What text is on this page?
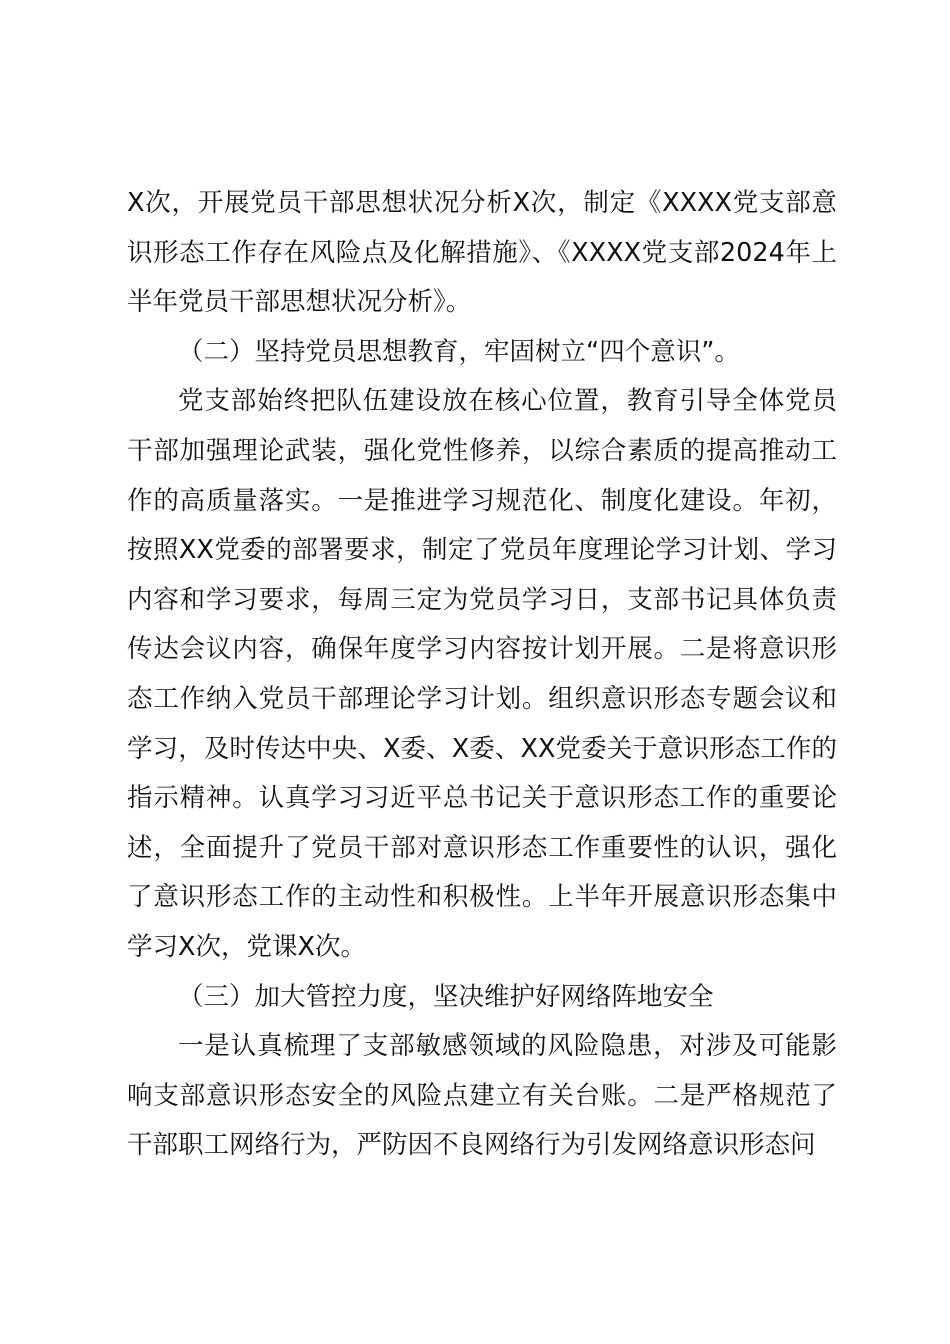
X次，开展党员干部思想状况分析X次，制定《XXXX党支部意识形态工作存在风险点及化解措施》、《XXXX党支部2024年上半年党员干部思想状况分析》。

（二）坚持党员思想教育，牢固树立“四个意识”。

党支部始终把队伍建设放在核心位置，教育引导全体党员干部加强理论武装，强化党性修养，以综合素质的提高推动工作的高质量落实。一是推进学习规范化、制度化建设。年初，按照XX党委的部署要求，制定了党员年度理论学习计划、学习内容和学习要求，每周三定为党员学习日，支部书记具体负责传达会议内容，确保年度学习内容按计划开展。二是将意识形态工作纳入党员干部理论学习计划。组织意识形态专题会议和学习，及时传达中央、X委、X委、XX党委关于意识形态工作的指示精神。认真学习习近平总书记关于意识形态工作的重要论述，全面提升了党员干部对意识形态工作重要性的认识，强化了意识形态工作的主动性和积极性。上半年开展意识形态集中学习X次，党课X次。

（三）加大管控力度，坚决维护好网络阵地安全

一是认真梳理了支部敏感领域的风险隐患，对涉及可能影响支部意识形态安全的风险点建立有关台账。二是严格规范了干部职工网络行为，严防因不良网络行为引发网络意识形态问
